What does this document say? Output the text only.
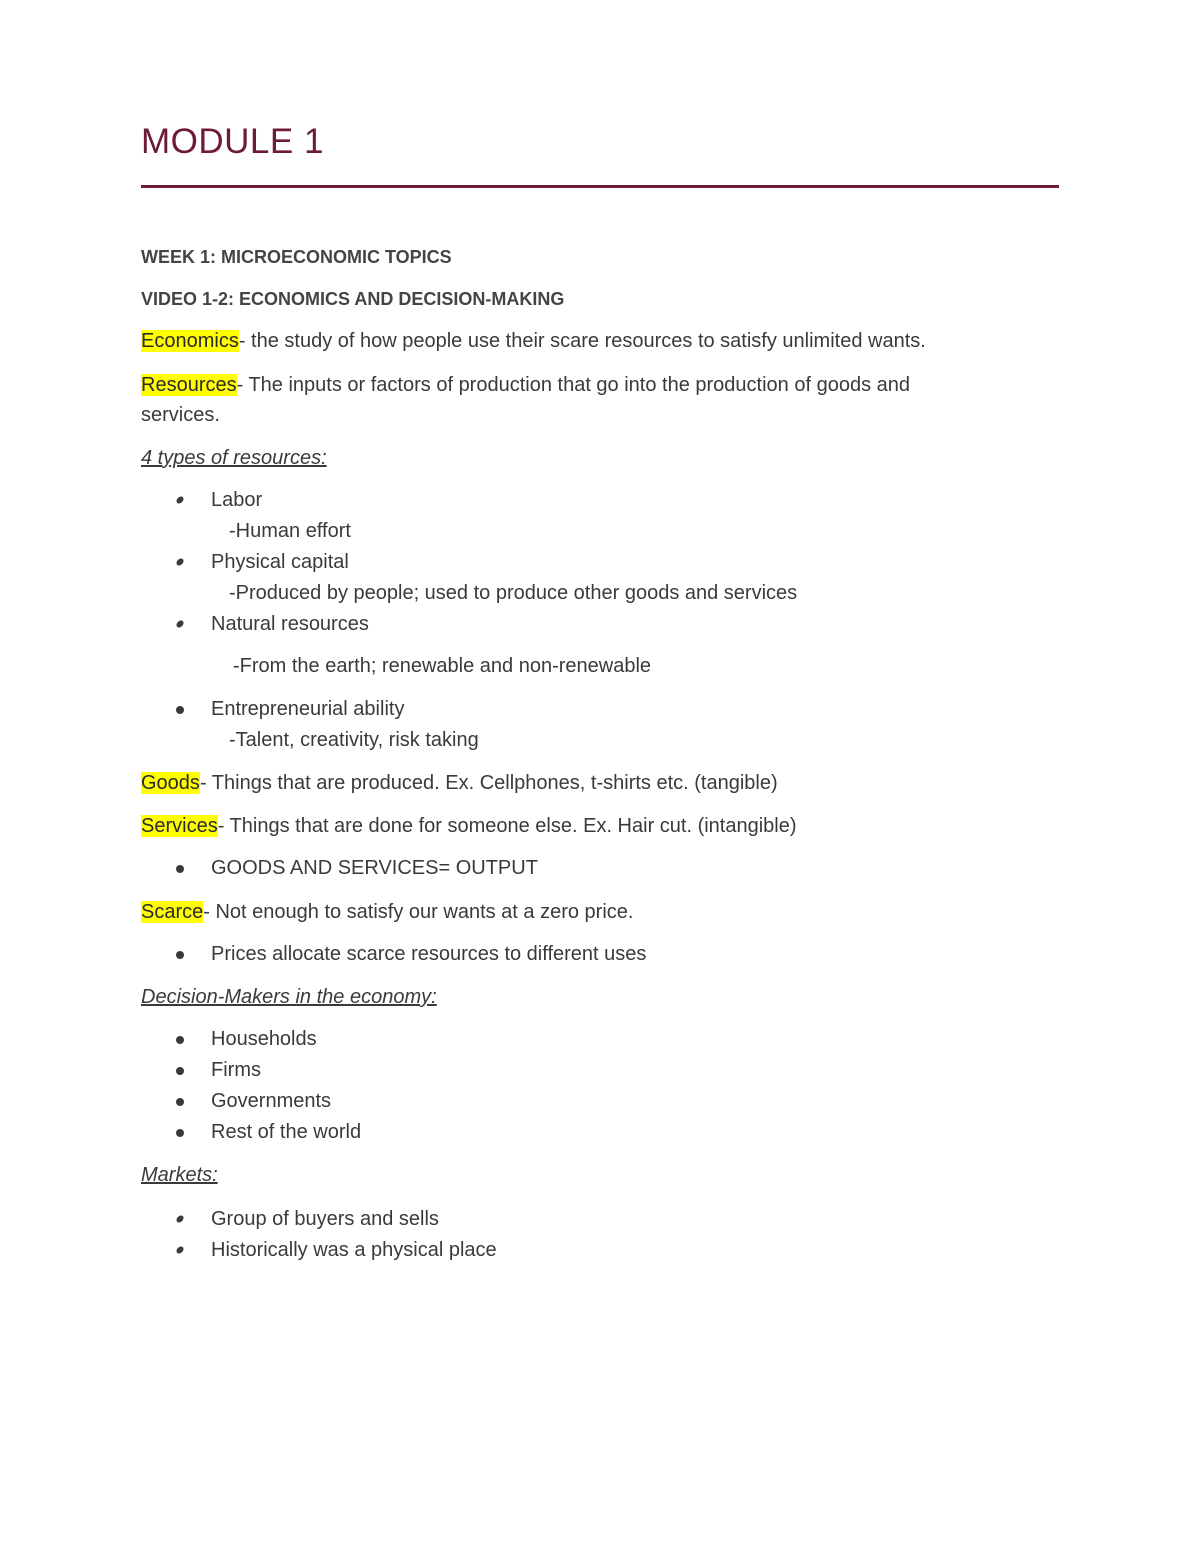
MODULE 1

WEEK 1: MICROECONOMIC TOPICS

VIDEO 1-2: ECONOMICS AND DECISION-MAKING

Economics- the study of how people use their scare resources to satisfy unlimited wants.

Resources- The inputs or factors of production that go into the production of goods and

services.

4 types of resources:

Labor
-Human effort
Physical capital
-Produced by people; used to produce other goods and services
Natural resources
-From the earth; renewable and non-renewable
Entrepreneurial ability
-Talent, creativity, risk taking

Goods- Things that are produced. Ex. Cellphones, t-shirts etc. (tangible)

Services- Things that are done for someone else. Ex. Hair cut. (intangible)

GOODS AND SERVICES= OUTPUT

Scarce- Not enough to satisfy our wants at a zero price.

Prices allocate scarce resources to different uses

Decision-Makers in the economy:

Households
Firms
Governments
Rest of the world

Markets:

Group of buyers and sells
Historically was a physical place
